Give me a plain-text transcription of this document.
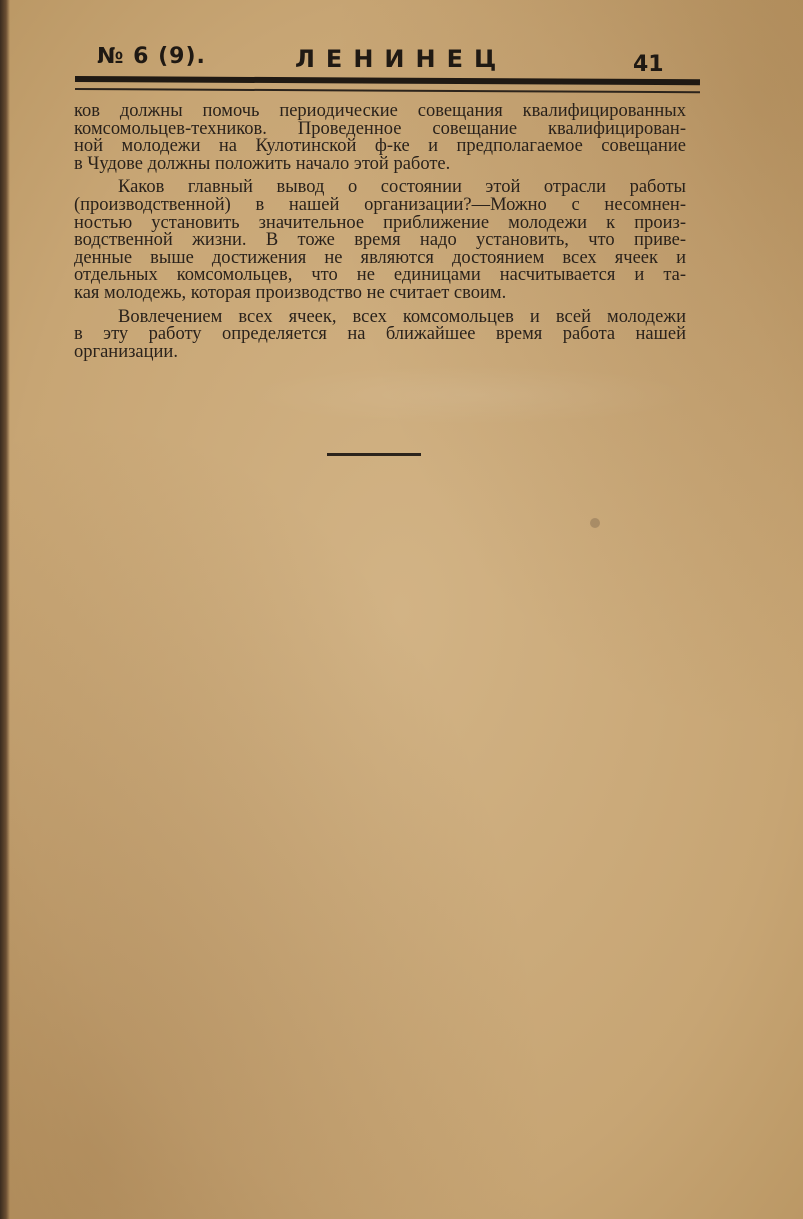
№ 6 (9).	ЛЕНИНЕЦ	41
ков должны помочь периодические совещания квалифицированных
комсомольцев-техников. Проведенное совещание квалифицирован-
ной молодежи на Кулотинской ф-ке и предполагаемое совещание
в Чудове должны положить начало этой работе.
Каков главный вывод о состоянии этой отрасли работы
(производственной) в нашей организации?—Можно с несомнен-
ностью установить значительное приближение молодежи к произ-
водственной жизни. В тоже время надо установить, что приве-
денные выше достижения не являются достоянием всех ячеек и
отдельных комсомольцев, что не единицами насчитывается и та-
кая молодежь, которая производство не считает своим.
Вовлечением всех ячеек, всех комсомольцев и всей молодежи
в эту работу определяется на ближайшее время работа нашей
организации.
